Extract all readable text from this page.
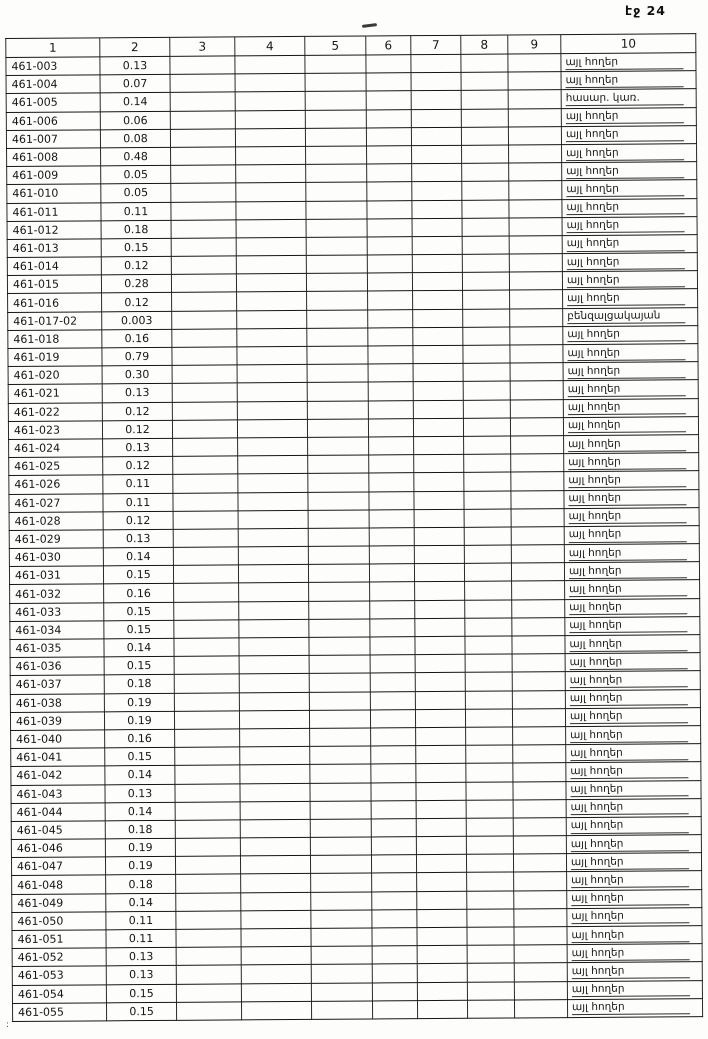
էջ 24
1	2	3	4	5	6	7	8	9	10
461-003	0.13								այլ հողեր
461-004	0.07								այլ հողեր
461-005	0.14								հասար. կառ.
461-006	0.06								այլ հողեր
461-007	0.08								այլ հողեր
461-008	0.48								այլ հողեր
461-009	0.05								այլ հողեր
461-010	0.05								այլ հողեր
461-011	0.11								այլ հողեր
461-012	0.18								այլ հողեր
461-013	0.15								այլ հողեր
461-014	0.12								այլ հողեր
461-015	0.28								այլ հողեր
461-016	0.12								այլ հողեր
461-017-02	0.003								բենզալցակայան
461-018	0.16								այլ հողեր
461-019	0.79								այլ հողեր
461-020	0.30								այլ հողեր
461-021	0.13								այլ հողեր
461-022	0.12								այլ հողեր
461-023	0.12								այլ հողեր
461-024	0.13								այլ հողեր
461-025	0.12								այլ հողեր
461-026	0.11								այլ հողեր
461-027	0.11								այլ հողեր
461-028	0.12								այլ հողեր
461-029	0.13								այլ հողեր
461-030	0.14								այլ հողեր
461-031	0.15								այլ հողեր
461-032	0.16								այլ հողեր
461-033	0.15								այլ հողեր
461-034	0.15								այլ հողեր
461-035	0.14								այլ հողեր
461-036	0.15								այլ հողեր
461-037	0.18								այլ հողեր
461-038	0.19								այլ հողեր
461-039	0.19								այլ հողեր
461-040	0.16								այլ հողեր
461-041	0.15								այլ հողեր
461-042	0.14								այլ հողեր
461-043	0.13								այլ հողեր
461-044	0.14								այլ հողեր
461-045	0.18								այլ հողեր
461-046	0.19								այլ հողեր
461-047	0.19								այլ հողեր
461-048	0.18								այլ հողեր
461-049	0.14								այլ հողեր
461-050	0.11								այլ հողեր
461-051	0.11								այլ հողեր
461-052	0.13								այլ հողեր
461-053	0.13								այլ հողեր
461-054	0.15								այլ հողեր
461-055	0.15								այլ հողեր
:
